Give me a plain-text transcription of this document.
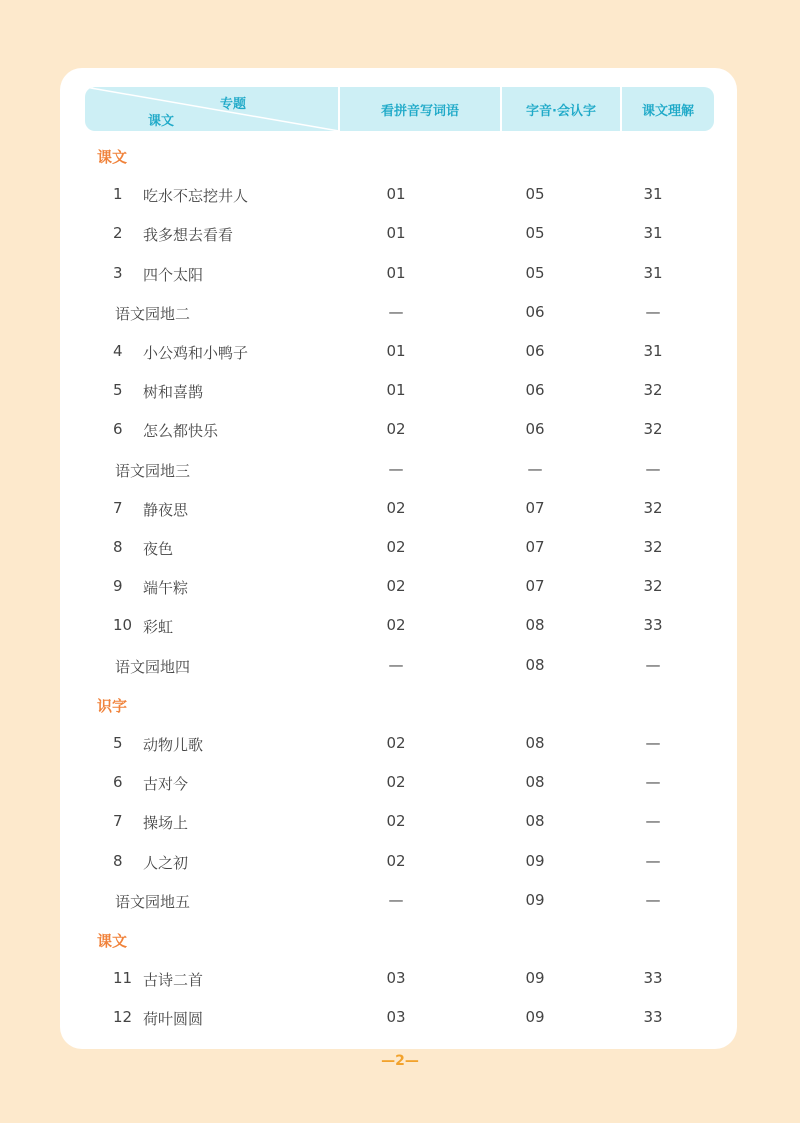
专题
课文
看拼音写词语	字音·会认字	课文理解
课文
1 吃水不忘挖井人	01	05	31
2 我多想去看看	01	05	31
3 四个太阳	01	05	31
语文园地二	—	06	—
4 小公鸡和小鸭子	01	06	31
5 树和喜鹊	01	06	32
6 怎么都快乐	02	06	32
语文园地三	—	—	—
7 静夜思	02	07	32
8 夜色	02	07	32
9 端午粽	02	07	32
10 彩虹	02	08	33
语文园地四	—	08	—
识字
5 动物儿歌	02	08	—
6 古对今	02	08	—
7 操场上	02	08	—
8 人之初	02	09	—
语文园地五	—	09	—
课文
11 古诗二首	03	09	33
12 荷叶圆圆	03	09	33
—2—
